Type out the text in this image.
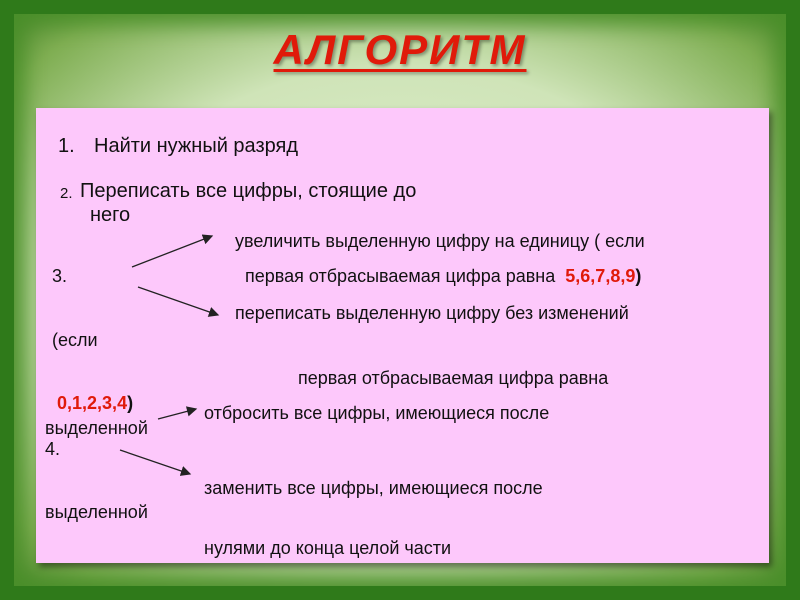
АЛГОРИТМ
1. Найти нужный разряд
2. Переписать все цифры, стоящие до
него
увеличить выделенную цифру на единицу ( если
3.	первая отбрасываемая цифра равна 5,6,7,8,9)
переписать выделенную цифру без изменений
(если
первая отбрасываемая цифра равна
0,1,2,3,4)	отбросить все цифры, имеющиеся после
выделенной
4.
заменить все цифры, имеющиеся после
выделенной
нулями до конца целой части
